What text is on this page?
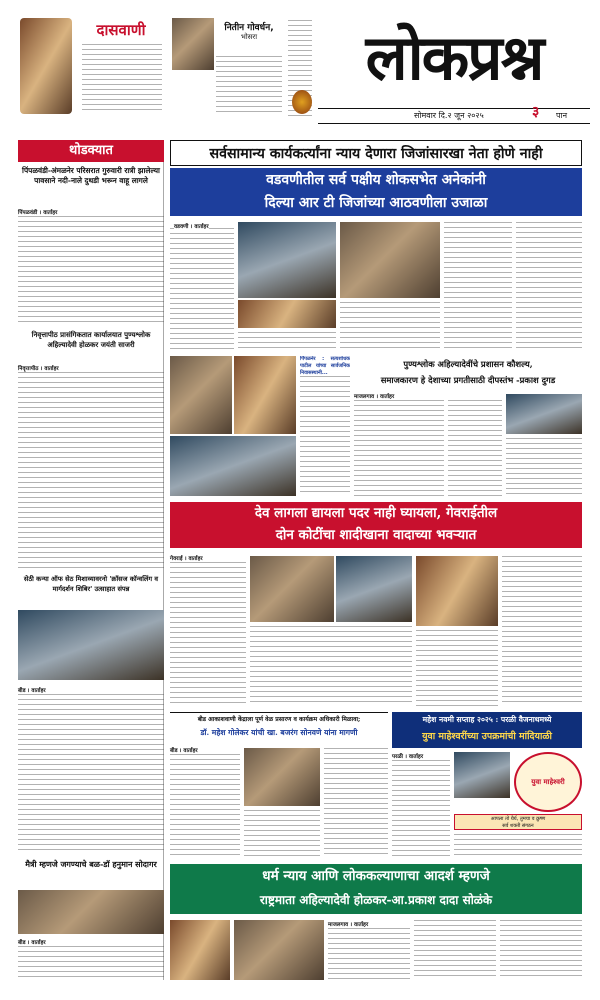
दासवाणी	नितीन गोवर्धन,
भोसरा	लोकप्रश्न
सोमवार दि.२ जून २०२५	पान
३
थोडक्यात
पिंपळवंडी-अंमळनेर परिसरात गुरुवारी रात्री झालेल्या पावसाने नदी-नाले दुथडी भरून वाहू लागले
पिंपळवंडी । वार्ताहर
निवृत्तापीठ प्रासंगिकतात कार्यालयात पुण्यश्लोक अहिल्यादेवी होळकर जयंती साजरी
निवृत्तापीठ । वार्ताहर
सेठी कन्या ऑफ सेठ मिशाव्यावरनो 'क्रॉसज कॉन्वलिंग व मार्गदर्शन शिबिर' उत्साहात संपन्न
बीड । वार्ताहर
मैत्री म्हणजे जगण्याचे बळ-डॉ हनुमान सोदागर
बीड । वार्ताहर
सर्वसामान्य कार्यकर्त्यांना न्याय देणारा जिजांसारखा नेता होणे नाही
वडवणीतील सर्व पक्षीय शोकसभेत अनेकांनी
दिल्या आर टी जिजांच्या आठवणीला उजाळा
वडवणी । वार्ताहर
पिंपळनेर : सत्यशोधक पाटील यांच्या सार्वजनिक निवासस्थानी...
पुण्यश्लोक अहिल्यादेवींचे प्रशासन कौशल्य,
समाजकारण हे देशाच्या प्रगतीसाठी दीपस्तंभ -प्रकाश दुगड
माजलगाव । वार्ताहर
देव लागला द्यायला पदर नाही घ्यायला, गेवराईतील
दोन कोटींचा शादीखाना वादाच्या भवऱ्यात
गेवराई । वार्ताहर
बीड आकाशवाणी केंद्राला पूर्ण वेळ प्रसारण व कार्यक्रम अधिकारी मिळावा;
डॉ. महेश गोलेकर यांची खा. बजरंग सोनवणे यांना मागणी
बीड । वार्ताहर
महेश नवमी सप्ताह २०२५ : परळी वैजनाथमध्ये
युवा माहेश्वरींच्या उपक्रमांची मांदियाळी
परळी । वार्ताहर
युवा माहेश्वरी
आपला तो धैर्य, तुमचा व क्रुष्ण
सर्व शक्ती संगठन
धर्म न्याय आणि लोककल्याणाचा आदर्श म्हणजे
राष्ट्रमाता अहिल्यादेवी होळकर-आ.प्रकाश दादा सोळंके
माजलगाव । वार्ताहर
